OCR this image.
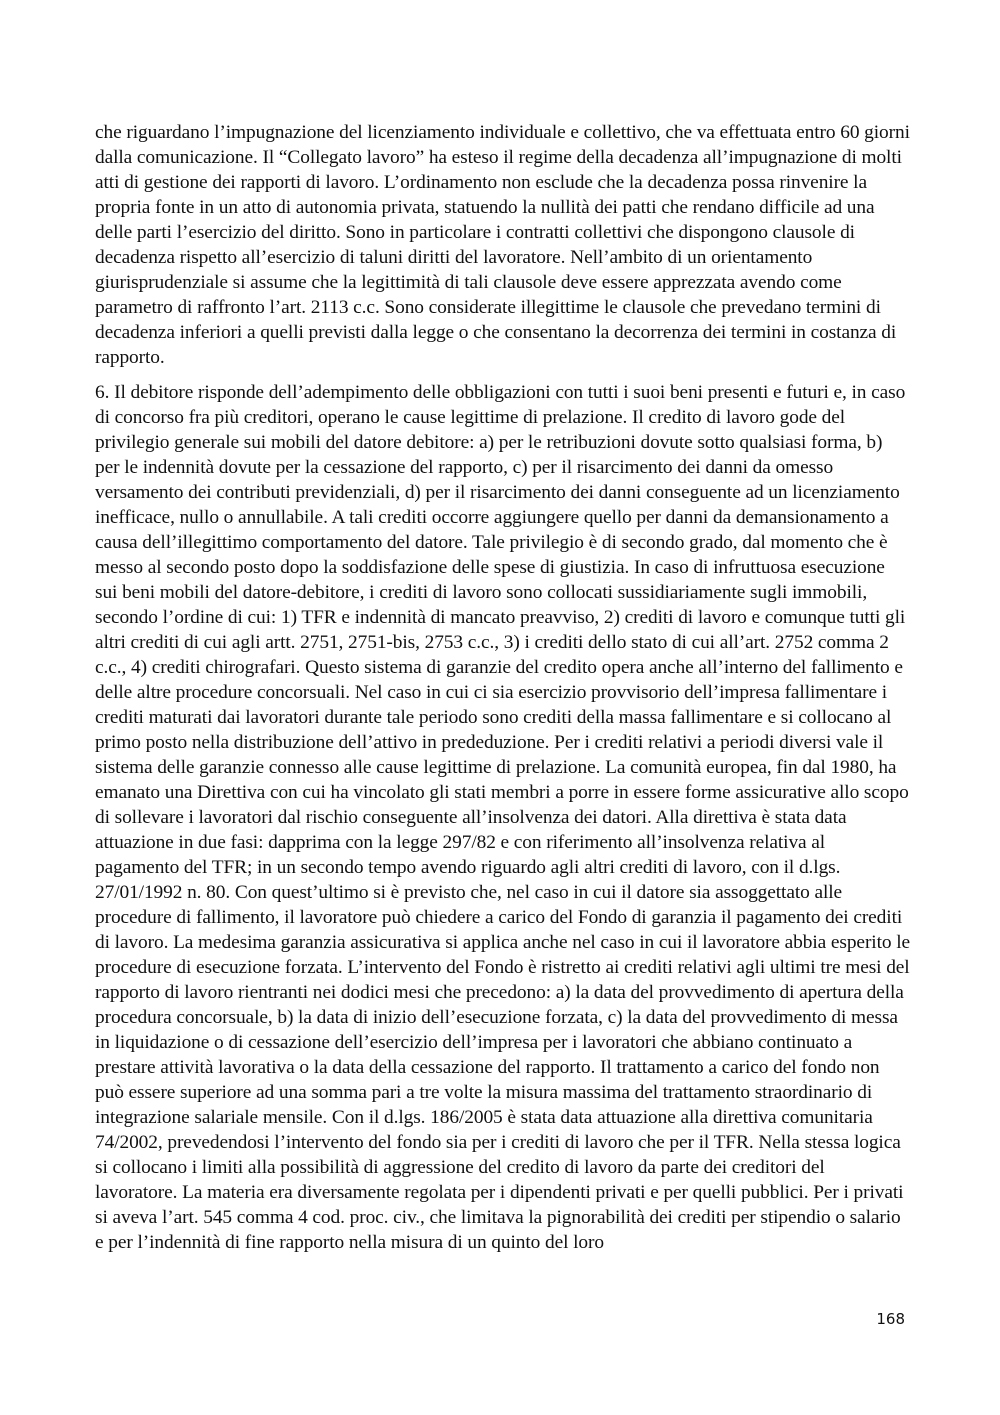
che riguardano l’impugnazione del licenziamento individuale e collettivo, che va effettuata entro 60 giorni dalla comunicazione. Il “Collegato lavoro” ha esteso il regime della decadenza all’impugnazione di molti atti di gestione dei rapporti di lavoro. L’ordinamento non esclude che la decadenza possa rinvenire la propria fonte in un atto di autonomia privata, statuendo la nullità dei patti che rendano difficile ad una delle parti l’esercizio del diritto. Sono in particolare i contratti collettivi che dispongono clausole di decadenza rispetto all’esercizio di taluni diritti del lavoratore. Nell’ambito di un orientamento giurisprudenziale si assume che la legittimità di tali clausole deve essere apprezzata avendo come parametro di raffronto l’art. 2113 c.c. Sono considerate illegittime le clausole che prevedano termini di decadenza inferiori a quelli previsti dalla legge o che consentano la decorrenza dei termini in costanza di rapporto.

6. Il debitore risponde dell’adempimento delle obbligazioni con tutti i suoi beni presenti e futuri e, in caso di concorso fra più creditori, operano le cause legittime di prelazione. Il credito di lavoro gode del privilegio generale sui mobili del datore debitore: a) per le retribuzioni dovute sotto qualsiasi forma, b) per le indennità dovute per la cessazione del rapporto, c) per il risarcimento dei danni da omesso versamento dei contributi previdenziali, d) per il risarcimento dei danni conseguente ad un licenziamento inefficace, nullo o annullabile. A tali crediti occorre aggiungere quello per danni da demansionamento a causa dell’illegittimo comportamento del datore. Tale privilegio è di secondo grado, dal momento che è messo al secondo posto dopo la soddisfazione delle spese di giustizia. In caso di infruttuosa esecuzione sui beni mobili del datore-debitore, i crediti di lavoro sono collocati sussidiariamente sugli immobili, secondo l’ordine di cui: 1) TFR e indennità di mancato preavviso, 2) crediti di lavoro e comunque tutti gli altri crediti di cui agli artt. 2751, 2751-bis, 2753 c.c., 3) i crediti dello stato di cui all’art. 2752 comma 2 c.c., 4) crediti chirografari. Questo sistema di garanzie del credito opera anche all’interno del fallimento e delle altre procedure concorsuali. Nel caso in cui ci sia esercizio provvisorio dell’impresa fallimentare i crediti maturati dai lavoratori durante tale periodo sono crediti della massa fallimentare e si collocano al primo posto nella distribuzione dell’attivo in prededuzione. Per i crediti relativi a periodi diversi vale il sistema delle garanzie connesso alle cause legittime di prelazione. La comunità europea, fin dal 1980, ha emanato una Direttiva con cui ha vincolato gli stati membri a porre in essere forme assicurative allo scopo di sollevare i lavoratori dal rischio conseguente all’insolvenza dei datori. Alla direttiva è stata data attuazione in due fasi: dapprima con la legge 297/82 e con riferimento all’insolvenza relativa al pagamento del TFR; in un secondo tempo avendo riguardo agli altri crediti di lavoro, con il d.lgs. 27/01/1992 n. 80. Con quest’ultimo si è previsto che, nel caso in cui il datore sia assoggettato alle procedure di fallimento, il lavoratore può chiedere a carico del Fondo di garanzia il pagamento dei crediti di lavoro. La medesima garanzia assicurativa si applica anche nel caso in cui il lavoratore abbia esperito le procedure di esecuzione forzata. L’intervento del Fondo è ristretto ai crediti relativi agli ultimi tre mesi del rapporto di lavoro rientranti nei dodici mesi che precedono: a) la data del provvedimento di apertura della procedura concorsuale, b) la data di inizio dell’esecuzione forzata, c) la data del provvedimento di messa in liquidazione o di cessazione dell’esercizio dell’impresa per i lavoratori che abbiano continuato a prestare attività lavorativa o la data della cessazione del rapporto. Il trattamento a carico del fondo non può essere superiore ad una somma pari a tre volte la misura massima del trattamento straordinario di integrazione salariale mensile. Con il d.lgs. 186/2005 è stata data attuazione alla direttiva comunitaria 74/2002, prevedendosi l’intervento del fondo sia per i crediti di lavoro che per il TFR. Nella stessa logica si collocano i limiti alla possibilità di aggressione del credito di lavoro da parte dei creditori del lavoratore. La materia era diversamente regolata per i dipendenti privati e per quelli pubblici. Per i privati si aveva l’art. 545 comma 4 cod. proc. civ., che limitava la pignorabilità dei crediti per stipendio o salario e per l’indennità di fine rapporto nella misura di un quinto del loro

168
